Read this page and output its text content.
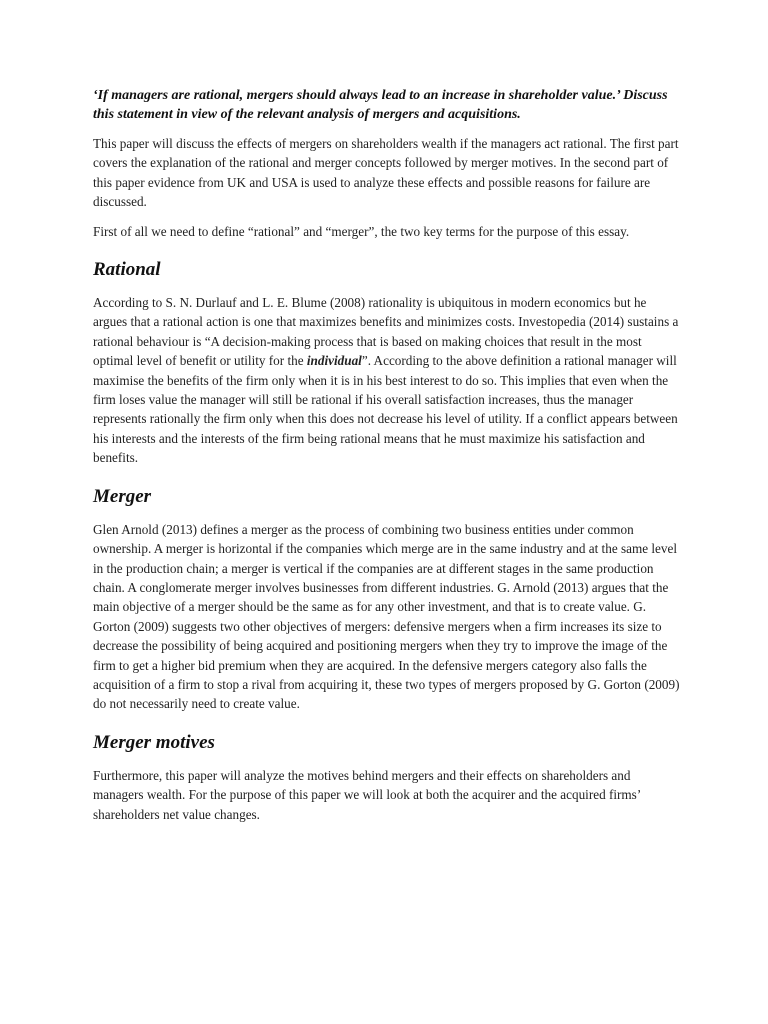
‘If managers are rational, mergers should always lead to an increase in shareholder value.’ Discuss this statement in view of the relevant analysis of mergers and acquisitions.

This paper will discuss the effects of mergers on shareholders wealth if the managers act rational. The first part covers the explanation of the rational and merger concepts followed by merger motives. In the second part of this paper evidence from UK and USA is used to analyze these effects and possible reasons for failure are discussed.

First of all we need to define “rational” and “merger”, the two key terms for the purpose of this essay.

Rational

According to S. N. Durlauf and L. E. Blume (2008) rationality is ubiquitous in modern economics but he argues that a rational action is one that maximizes benefits and minimizes costs. Investopedia (2014) sustains a rational behaviour is “A decision-making process that is based on making choices that result in the most optimal level of benefit or utility for the individual”. According to the above definition a rational manager will maximise the benefits of the firm only when it is in his best interest to do so. This implies that even when the firm loses value the manager will still be rational if his overall satisfaction increases, thus the manager represents rationally the firm only when this does not decrease his level of utility. If a conflict appears between his interests and the interests of the firm being rational means that he must maximize his satisfaction and benefits.

Merger

Glen Arnold (2013) defines a merger as the process of combining two business entities under common ownership. A merger is horizontal if the companies which merge are in the same industry and at the same level in the production chain; a merger is vertical if the companies are at different stages in the same production chain. A conglomerate merger involves businesses from different industries. G. Arnold (2013) argues that the main objective of a merger should be the same as for any other investment, and that is to create value. G. Gorton (2009) suggests two other objectives of mergers: defensive mergers when a firm increases its size to decrease the possibility of being acquired and positioning mergers when they try to improve the image of the firm to get a higher bid premium when they are acquired. In the defensive mergers category also falls the acquisition of a firm to stop a rival from acquiring it, these two types of mergers proposed by G. Gorton (2009) do not necessarily need to create value.

Merger motives

Furthermore, this paper will analyze the motives behind mergers and their effects on shareholders and managers wealth. For the purpose of this paper we will look at both the acquirer and the acquired firms’ shareholders net value changes.
